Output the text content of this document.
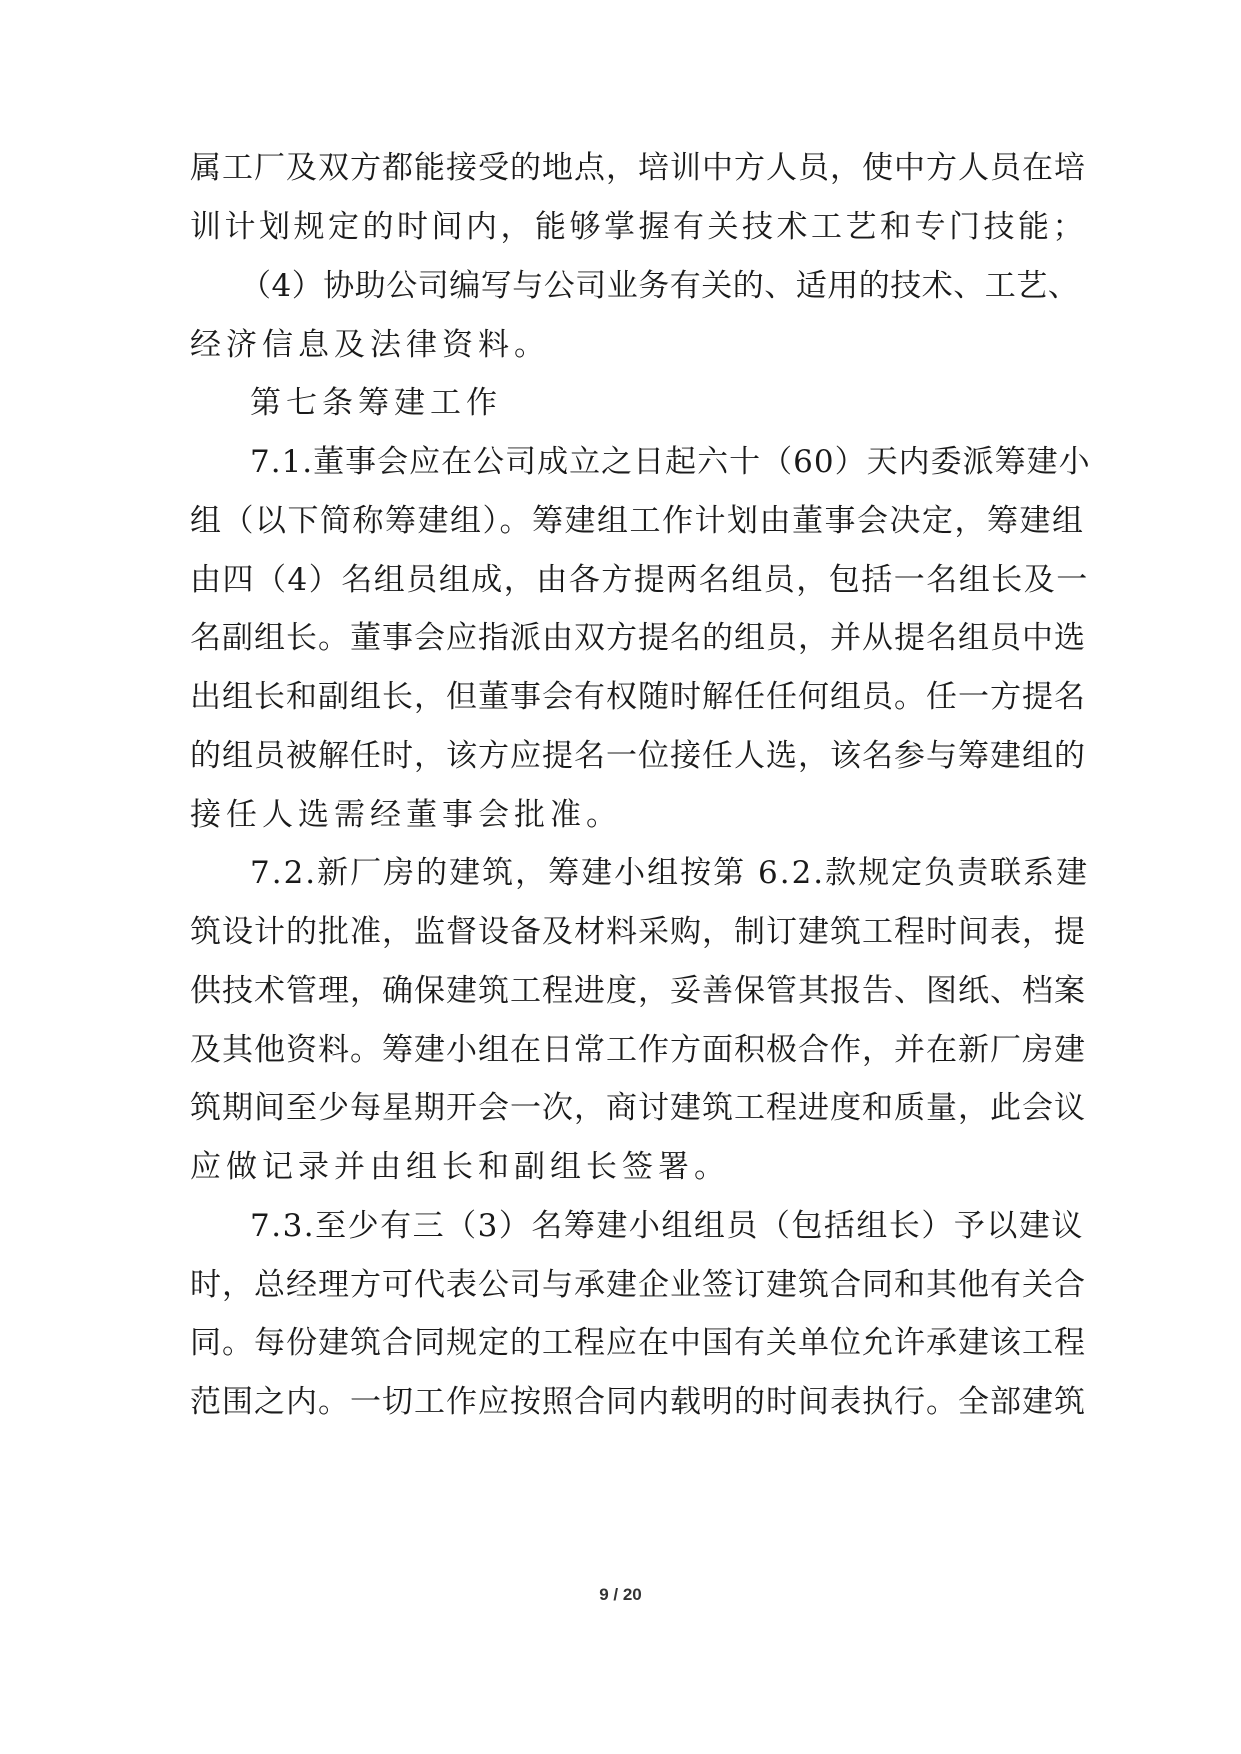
属工厂及双方都能接受的地点，培训中方人员，使中方人员在培
训计划规定的时间内，能够掌握有关技术工艺和专门技能；
（4）协助公司编写与公司业务有关的、适用的技术、工艺、
经济信息及法律资料。
第七条筹建工作
7.1.董事会应在公司成立之日起六十（60）天内委派筹建小
组（以下简称筹建组）。筹建组工作计划由董事会决定，筹建组
由四（4）名组员组成，由各方提两名组员，包括一名组长及一
名副组长。董事会应指派由双方提名的组员，并从提名组员中选
出组长和副组长，但董事会有权随时解任任何组员。任一方提名
的组员被解任时，该方应提名一位接任人选，该名参与筹建组的
接任人选需经董事会批准。
7.2.新厂房的建筑，筹建小组按第 6.2.款规定负责联系建
筑设计的批准，监督设备及材料采购，制订建筑工程时间表，提
供技术管理，确保建筑工程进度，妥善保管其报告、图纸、档案
及其他资料。筹建小组在日常工作方面积极合作，并在新厂房建
筑期间至少每星期开会一次，商讨建筑工程进度和质量，此会议
应做记录并由组长和副组长签署。
7.3.至少有三（3）名筹建小组组员（包括组长）予以建议
时，总经理方可代表公司与承建企业签订建筑合同和其他有关合
同。每份建筑合同规定的工程应在中国有关单位允许承建该工程
范围之内。一切工作应按照合同内载明的时间表执行。全部建筑
9 / 20
